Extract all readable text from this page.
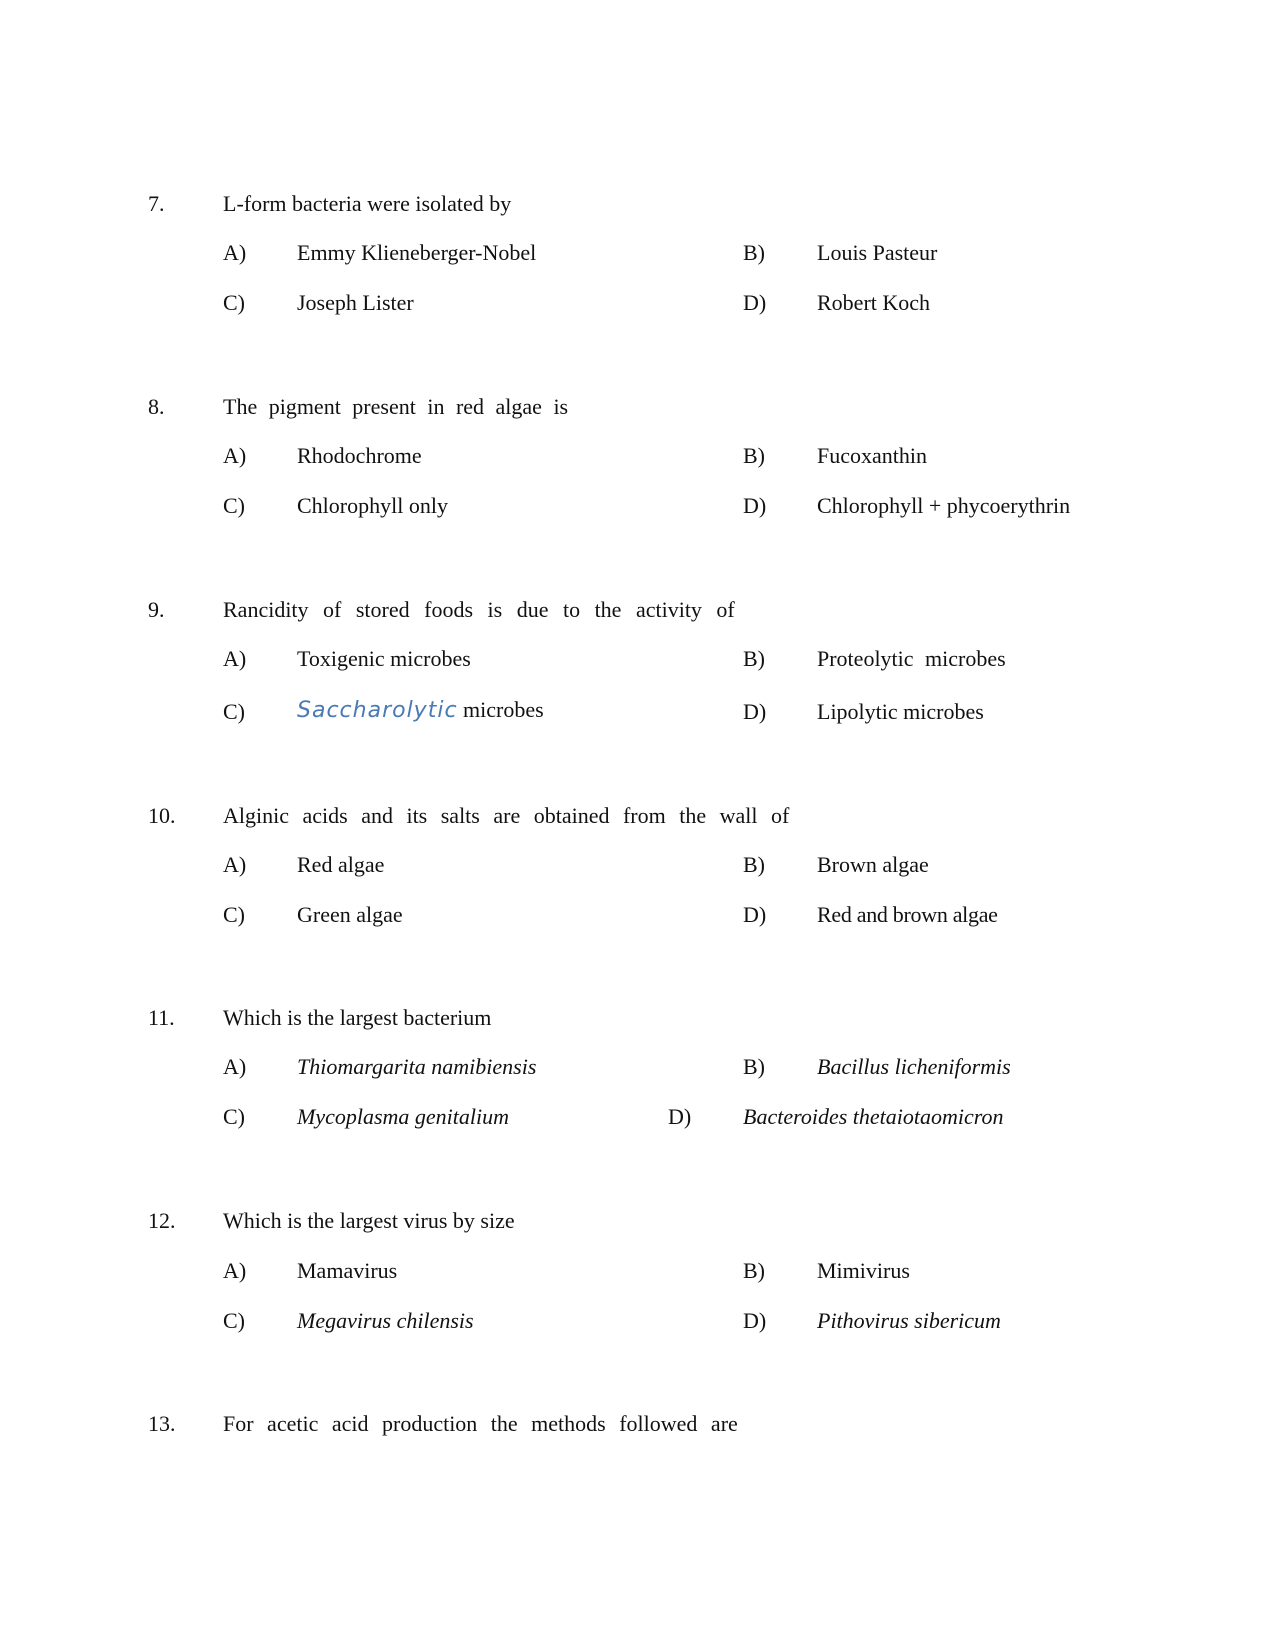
7.	L-form bacteria were isolated by
A) Emmy Klieneberger-Nobel	B) Louis Pasteur
C) Joseph Lister	D) Robert Koch
8.	The pigment present in red algae is
A) Rhodochrome	B) Fucoxanthin
C) Chlorophyll only	D) Chlorophyll + phycoerythrin
9.	Rancidity of stored foods is due to the activity of
A) Toxigenic microbes	B) Proteolytic microbes
C) Saccharolytic microbes	D) Lipolytic microbes
10. Alginic acids and its salts are obtained from the wall of
A) Red algae	B) Brown algae
C) Green algae	D) Red and brown algae
11. Which is the largest bacterium
A) Thiomargarita namibiensis	B) Bacillus licheniformis
C) Mycoplasma genitalium	D) Bacteroides thetaiotaomicron
12. Which is the largest virus by size
A) Mamavirus	B) Mimivirus
C) Megavirus chilensis	D) Pithovirus sibericum
13. For acetic acid production the methods followed are
